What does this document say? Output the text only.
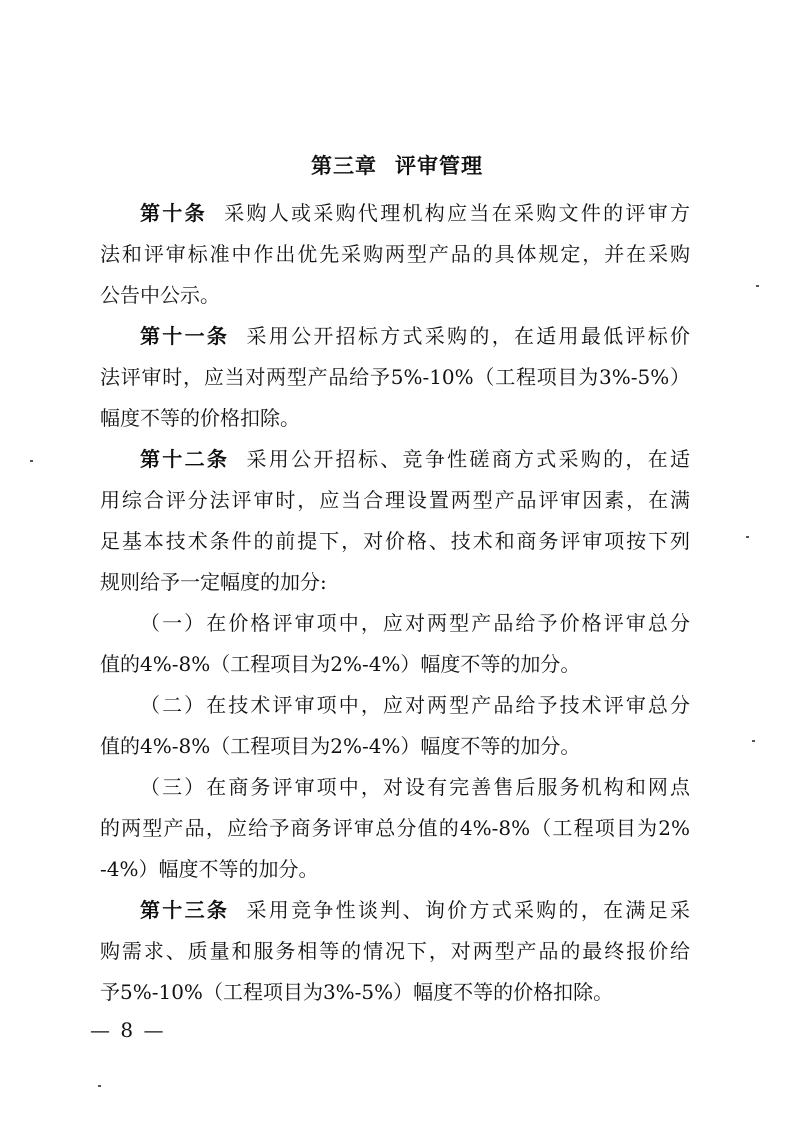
第三章 评审管理
第十条 采购人或采购代理机构应当在采购文件的评审方
法和评审标准中作出优先采购两型产品的具体规定，并在采购
公告中公示。
第十一条 采用公开招标方式采购的，在适用最低评标价
法评审时，应当对两型产品给予5%-10%（工程项目为3%-5%）
幅度不等的价格扣除。
第十二条 采用公开招标、竞争性磋商方式采购的，在适
用综合评分法评审时，应当合理设置两型产品评审因素，在满
足基本技术条件的前提下，对价格、技术和商务评审项按下列
规则给予一定幅度的加分:
（一）在价格评审项中，应对两型产品给予价格评审总分
值的4%-8%（工程项目为2%-4%）幅度不等的加分。
（二）在技术评审项中，应对两型产品给予技术评审总分
值的4%-8%（工程项目为2%-4%）幅度不等的加分。
（三）在商务评审项中，对设有完善售后服务机构和网点
的两型产品，应给予商务评审总分值的4%-8%（工程项目为2%
-4%）幅度不等的加分。
第十三条 采用竞争性谈判、询价方式采购的，在满足采
购需求、质量和服务相等的情况下，对两型产品的最终报价给
予5%-10%（工程项目为3%-5%）幅度不等的价格扣除。
— 8 —
